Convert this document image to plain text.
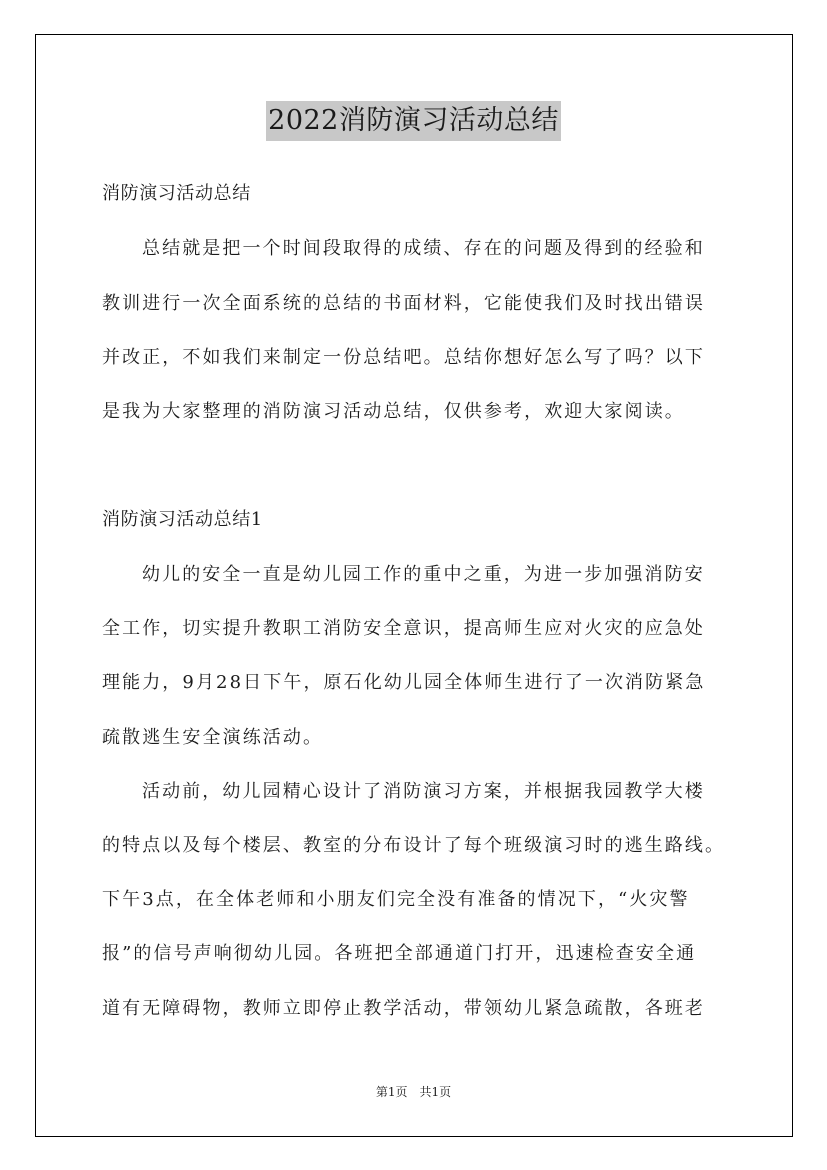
2022消防演习活动总结
消防演习活动总结
总结就是把一个时间段取得的成绩、存在的问题及得到的经验和
教训进行一次全面系统的总结的书面材料，它能使我们及时找出错误
并改正，不如我们来制定一份总结吧。总结你想好怎么写了吗？以下
是我为大家整理的消防演习活动总结，仅供参考，欢迎大家阅读。
消防演习活动总结1
幼儿的安全一直是幼儿园工作的重中之重，为进一步加强消防安
全工作，切实提升教职工消防安全意识，提高师生应对火灾的应急处
理能力，9月28日下午，原石化幼儿园全体师生进行了一次消防紧急
疏散逃生安全演练活动。
活动前，幼儿园精心设计了消防演习方案，并根据我园教学大楼
的特点以及每个楼层、教室的分布设计了每个班级演习时的逃生路线。
下午3点，在全体老师和小朋友们完全没有准备的情况下，“火灾警
报”的信号声响彻幼儿园。各班把全部通道门打开，迅速检查安全通
道有无障碍物，教师立即停止教学活动，带领幼儿紧急疏散，各班老
第1页　共1页
